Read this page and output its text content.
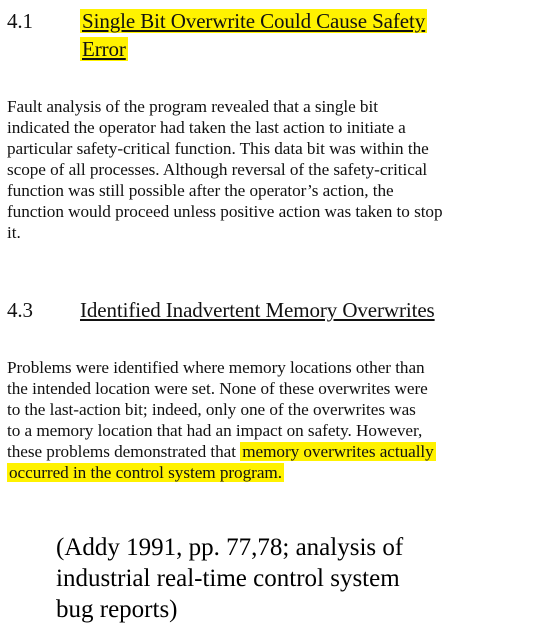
4.1 Single Bit Overwrite Could Cause Safety
Error
Fault analysis of the program revealed that a single bit
indicated the operator had taken the last action to initiate a
particular safety-critical function. This data bit was within the
scope of all processes. Although reversal of the safety-critical
function was still possible after the operator’s action, the
function would proceed unless positive action was taken to stop
it.
4.3 Identified Inadvertent Memory Overwrites
Problems were identified where memory locations other than
the intended location were set. None of these overwrites were
to the last-action bit; indeed, only one of the overwrites was
to a memory location that had an impact on safety. However,
these problems demonstrated that memory overwrites actually
occurred in the control system program.
(Addy 1991, pp. 77,78; analysis of
industrial real-time control system
bug reports)
